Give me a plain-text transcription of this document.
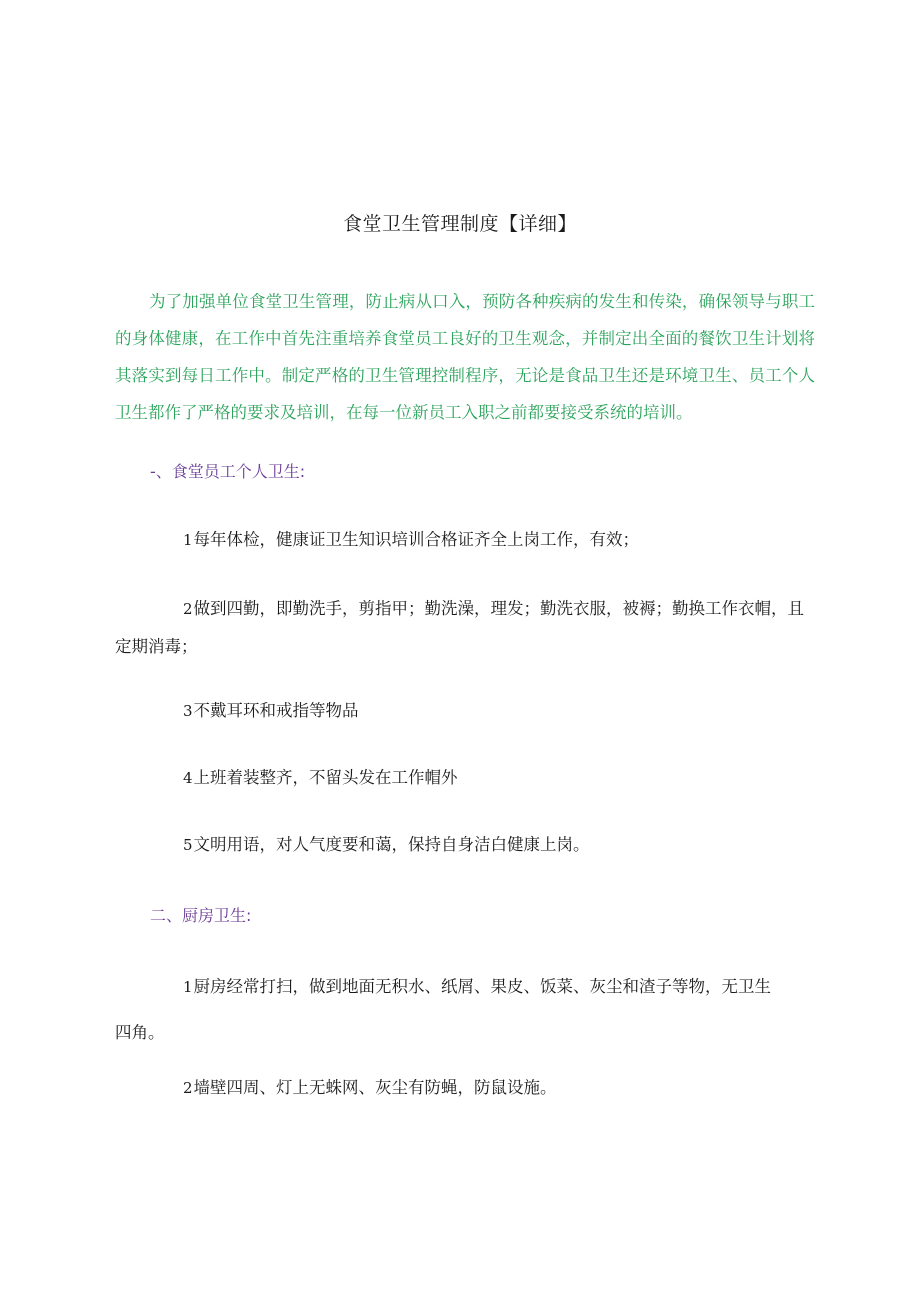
食堂卫生管理制度【详细】

为了加强单位食堂卫生管理，防止病从口入，预防各种疾病的发生和传染，确保领导与职工的身体健康，在工作中首先注重培养食堂员工良好的卫生观念，并制定出全面的餐饮卫生计划将其落实到每日工作中。制定严格的卫生管理控制程序，无论是食品卫生还是环境卫生、员工个人卫生都作了严格的要求及培训，在每一位新员工入职之前都要接受系统的培训。

-、食堂员工个人卫生:

1每年体检，健康证卫生知识培训合格证齐全上岗工作，有效；

2做到四勤，即勤洗手，剪指甲；勤洗澡，理发；勤洗衣服，被褥；勤换工作衣帽，且定期消毒；

3不戴耳环和戒指等物品

4上班着装整齐，不留头发在工作帽外

5文明用语，对人气度要和蔼，保持自身洁白健康上岗。

二、厨房卫生:

1厨房经常打扫，做到地面无积水、纸屑、果皮、饭菜、灰尘和渣子等物，无卫生四角。

2墙壁四周、灯上无蛛网、灰尘有防蝇，防鼠设施。
